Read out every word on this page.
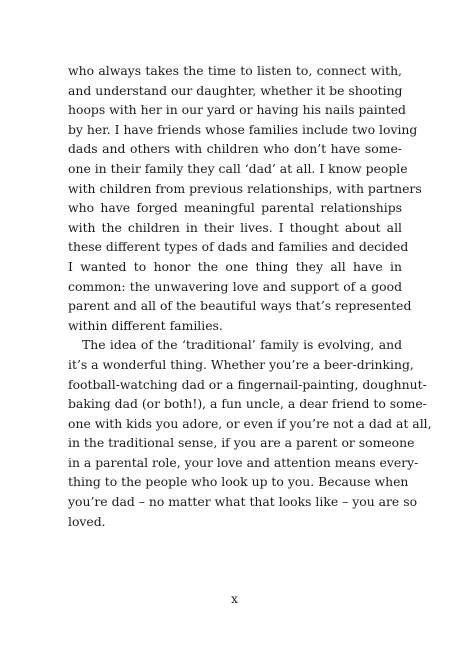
who always takes the time to listen to, connect with,
and understand our daughter, whether it be shooting
hoops with her in our yard or having his nails painted
by her. I have friends whose families include two loving
dads and others with children who don’t have some-
one in their family they call ‘dad’ at all. I know people
with children from previous relationships, with partners
who have forged meaningful parental relationships
with the children in their lives. I thought about all
these different types of dads and families and decided
I wanted to honor the one thing they all have in
common: the unwavering love and support of a good
parent and all of the beautiful ways that’s represented
within different families.
The idea of the ‘traditional’ family is evolving, and
it’s a wonderful thing. Whether you’re a beer-drinking,
football-watching dad or a fingernail-painting, doughnut-
baking dad (or both!), a fun uncle, a dear friend to some-
one with kids you adore, or even if you’re not a dad at all,
in the traditional sense, if you are a parent or someone
in a parental role, your love and attention means every-
thing to the people who look up to you. Because when
you’re dad – no matter what that looks like – you are so
loved.
x
